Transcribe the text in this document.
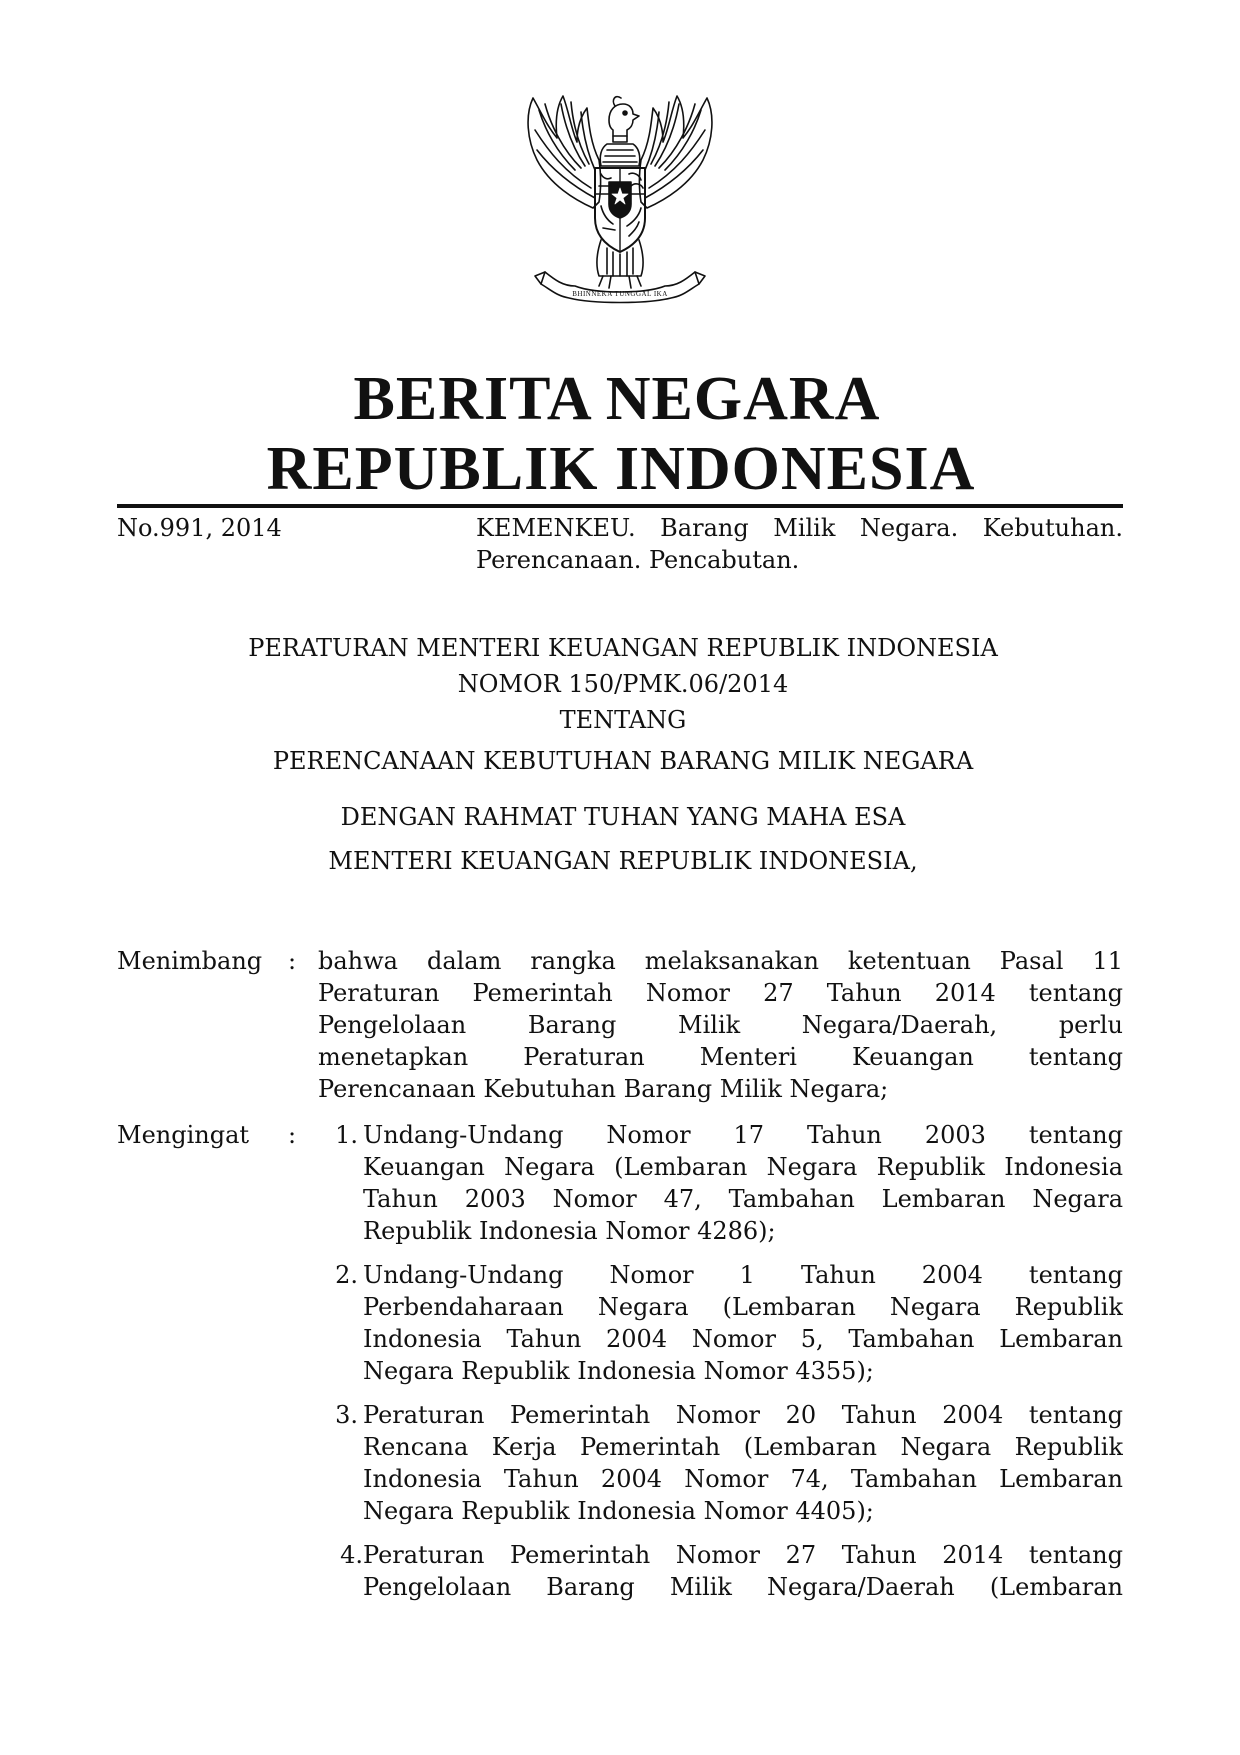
BHINNEKA TUNGGAL IKA
BERITA NEGARA
REPUBLIK INDONESIA
No.991, 2014	KEMENKEU. Barang Milik Negara. Kebutuhan.
Perencanaan. Pencabutan.
PERATURAN MENTERI KEUANGAN REPUBLIK INDONESIA
NOMOR 150/PMK.06/2014
TENTANG
PERENCANAAN KEBUTUHAN BARANG MILIK NEGARA
DENGAN RAHMAT TUHAN YANG MAHA ESA
MENTERI KEUANGAN REPUBLIK INDONESIA,
Menimbang : bahwa dalam rangka melaksanakan ketentuan Pasal 11
Peraturan Pemerintah Nomor 27 Tahun 2014 tentang
Pengelolaan Barang Milik Negara/Daerah, perlu
menetapkan Peraturan Menteri Keuangan tentang
Perencanaan Kebutuhan Barang Milik Negara;
Mengingat :	1. Undang-Undang Nomor 17 Tahun 2003 tentang
Keuangan Negara (Lembaran Negara Republik Indonesia
Tahun 2003 Nomor 47, Tambahan Lembaran Negara
Republik Indonesia Nomor 4286);
2. Undang-Undang Nomor 1 Tahun 2004 tentang
Perbendaharaan Negara (Lembaran Negara Republik
Indonesia Tahun 2004 Nomor 5, Tambahan Lembaran
Negara Republik Indonesia Nomor 4355);
3. Peraturan Pemerintah Nomor 20 Tahun 2004 tentang
Rencana Kerja Pemerintah (Lembaran Negara Republik
Indonesia Tahun 2004 Nomor 74, Tambahan Lembaran
Negara Republik Indonesia Nomor 4405);
4. Peraturan Pemerintah Nomor 27 Tahun 2014 tentang
Pengelolaan Barang Milik Negara/Daerah (Lembaran
